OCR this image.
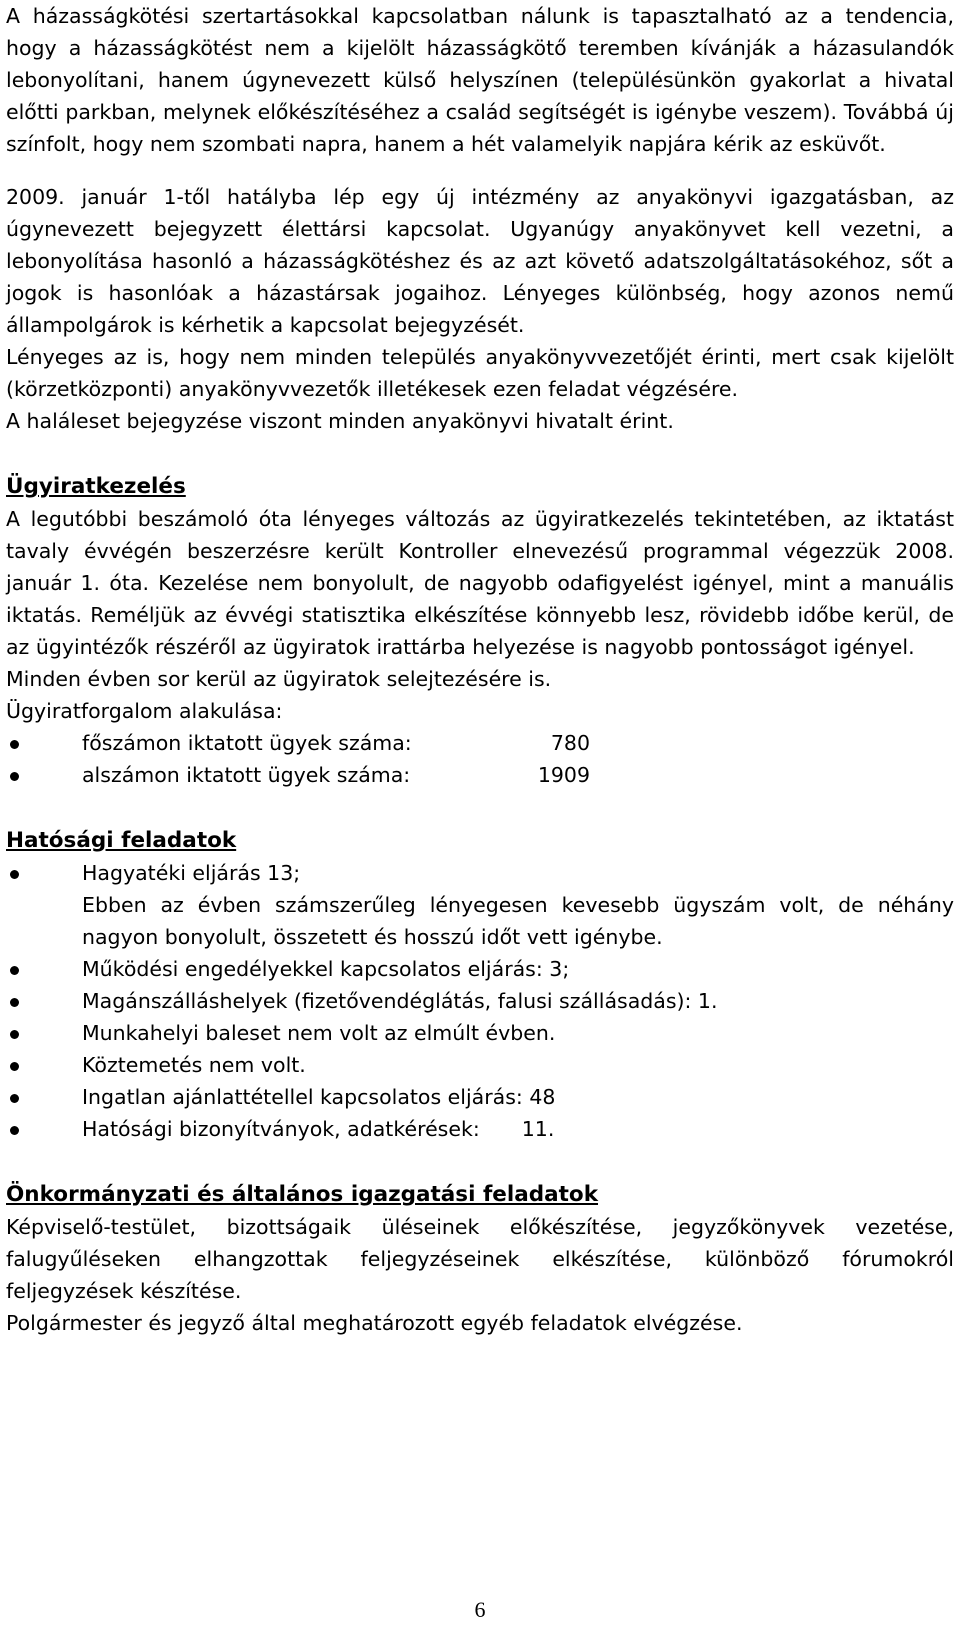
A házasságkötési szertartásokkal kapcsolatban nálunk is tapasztalható az a tendencia, hogy a házasságkötést nem a kijelölt házasságkötő teremben kívánják a házasulandók lebonyolítani, hanem úgynevezett külső helyszínen (településünkön gyakorlat a hivatal előtti parkban, melynek előkészítéséhez a család segítségét is igénybe veszem). Továbbá új színfolt, hogy nem szombati napra, hanem a hét valamelyik napjára kérik az esküvőt.

2009. január 1-től hatályba lép egy új intézmény az anyakönyvi igazgatásban, az úgynevezett bejegyzett élettársi kapcsolat. Ugyanúgy anyakönyvet kell vezetni, a lebonyolítása hasonló a házasságkötéshez és az azt követő adatszolgáltatásokéhoz, sőt a jogok is hasonlóak a házastársak jogaihoz. Lényeges különbség, hogy azonos nemű állampolgárok is kérhetik a kapcsolat bejegyzését.

Lényeges az is, hogy nem minden település anyakönyvvezetőjét érinti, mert csak kijelölt (körzetközponti) anyakönyvvezetők illetékesek ezen feladat végzésére.

A haláleset bejegyzése viszont minden anyakönyvi hivatalt érint.

Ügyiratkezelés

A legutóbbi beszámoló óta lényeges változás az ügyiratkezelés tekintetében, az iktatást tavaly évvégén beszerzésre került Kontroller elnevezésű programmal végezzük 2008. január 1. óta. Kezelése nem bonyolult, de nagyobb odafigyelést igényel, mint a manuális iktatás. Reméljük az évvégi statisztika elkészítése könnyebb lesz, rövidebb időbe kerül, de az ügyintézők részéről az ügyiratok irattárba helyezése is nagyobb pontosságot igényel.

Minden évben sor kerül az ügyiratok selejtezésére is.

Ügyiratforgalom alakulása:

főszámon iktatott ügyek száma:	780
alszámon iktatott ügyek száma:	1909
Hatósági feladatok
Hagyatéki eljárás 13;

Ebben az évben számszerűleg lényegesen kevesebb ügyszám volt, de néhány nagyon bonyolult, összetett és hosszú időt vett igénybe.

Működési engedélyekkel kapcsolatos eljárás: 3;
Magánszálláshelyek (fizetővendéglátás, falusi szállásadás): 1.
Munkahelyi baleset nem volt az elmúlt évben.
Köztemetés nem volt.
Ingatlan ajánlattétellel kapcsolatos eljárás: 48
Hatósági bizonyítványok, adatkérések: 11.
Önkormányzati és általános igazgatási feladatok

Képviselő-testület, bizottságaik üléseinek előkészítése, jegyzőkönyvek vezetése, falugyűléseken elhangzottak feljegyzéseinek elkészítése, különböző fórumokról feljegyzések készítése.

Polgármester és jegyző által meghatározott egyéb feladatok elvégzése.

6
